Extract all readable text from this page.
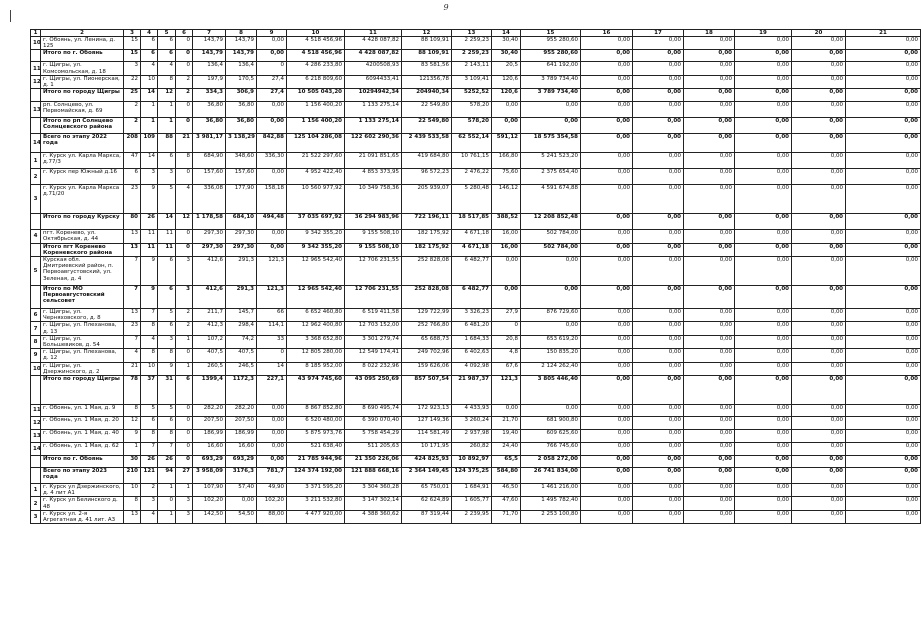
9
1	2	3	4	5	6	7	8	9	10	11	12	13	14	15	16	17	18	19	20	21
10	г. Обоянь, ул. Ленина, д. 125	15	6	6	0	143,79	143,79	0,00	4 518 456,96	4 428 087,82	88 109,91	2 259,23	30,40	955 280,60	0,00	0,00	0,00	0,00	0,00	0,00
	Итого по г. Обоянь	15	6	6	0	143,79	143,79	0,00	4 518 456,96	4 428 087,82	88 109,91	2 259,23	30,40	955 280,60	0,00	0,00	0,00	0,00	0,00	0,00
11	г. Щигры, ул. Комсомольская, д. 18	3	4	4	0	136,4	136,4	0	4 286 233,80	4200508,93	83 581,56	2 143,11	20,5	641 192,00	0,00	0,00	0,00	0,00	0,00	0,00
12	г. Щигры, ул. Пионерская, д. 1	22	10	8	2	197,9	170,5	27,4	6 218 809,60	6094433,41	121356,78	3 109,41	120,6	3 789 734,40	0,00	0,00	0,00	0,00	0,00	0,00
	Итого по городу Щигры	25	14	12	2	334,3	306,9	27,4	10 505 043,20	10294942,34	204940,34	5252,52	120,6	3 789 734,40	0,00	0,00	0,00	0,00	0,00	0,00
13	рп. Солнцево, ул. Первомайская, д. 69	2	1	1	0	36,80	36,80	0,00	1 156 400,20	1 133 275,14	22 549,80	578,20	0,00	0,00	0,00	0,00	0,00	0,00	0,00	0,00
	Итого по рп Солнцево Солнцевского района	2	1	1	0	36,80	36,80	0,00	1 156 400,20	1 133 275,14	22 549,80	578,20	0,00	0,00	0,00	0,00	0,00	0,00	0,00	0,00
14	Всего по этапу 2022 года	208	109	88	21	3 981,17	3 138,29	842,88	125 104 286,08	122 602 290,36	2 439 533,58	62 552,14	591,12	18 575 354,58	0,00	0,00	0,00	0,00	0,00	0,00
1	г. Курск ул. Карла Маркса, д.77/3	47	14	6	8	684,90	348,60	336,30	21 522 297,60	21 091 851,65	419 684,80	10 761,15	166,80	5 241 523,20	0,00	0,00	0,00	0,00	0,00	0,00
2	г. Курск пер Южный д.16	6	3	3	0	157,60	157,60	0,00	4 952 422,40	4 853 373,95	96 572,23	2 476,22	75,60	2 375 654,40	0,00	0,00	0,00	0,00	0,00	0,00
3	г. Курск ул. Карла Маркса д.71/20	23	9	5	4	336,08	177,90	158,18	10 560 977,92	10 349 758,36	205 939,07	5 280,48	146,12	4 591 674,88	0,00	0,00	0,00	0,00	0,00	0,00
	Итого по городу Курску	80	26	14	12	1 178,58	684,10	494,48	37 035 697,92	36 294 983,96	722 196,11	18 517,85	388,52	12 208 852,48	0,00	0,00	0,00	0,00	0,00	0,00
4	пгт. Коренево, ул. Октябрьская, д. 44	13	11	11	0	297,30	297,30	0,00	9 342 355,20	9 155 508,10	182 175,92	4 671,18	16,00	502 784,00	0,00	0,00	0,00	0,00	0,00	0,00
	Итого пгт Коренево Кореневского района	13	11	11	0	297,30	297,30	0,00	9 342 355,20	9 155 508,10	182 175,92	4 671,18	16,00	502 784,00	0,00	0,00	0,00	0,00	0,00	0,00
5	Курская обл. Дмитриевский район, п. Первоавгустовский, ул. Зеленая, д. 4	7	9	6	3	412,6	291,3	121,3	12 965 542,40	12 706 231,55	252 828,08	6 482,77	0,00	0,00	0,00	0,00	0,00	0,00	0,00	0,00
	Итого по МО Первоавгустовский сельсовет	7	9	6	3	412,6	291,3	121,3	12 965 542,40	12 706 231,55	252 828,08	6 482,77	0,00	0,00	0,00	0,00	0,00	0,00	0,00	0,00
6	г. Щигры, ул. Черняховского, д. 8	13	7	5	2	211,7	145,7	66	6 652 460,80	6 519 411,58	129 722,99	3 326,23	27,9	876 729,60	0,00	0,00	0,00	0,00	0,00	0,00
7	г. Щигры, ул. Плеханова, д. 13	23	8	6	2	412,3	298,4	114,1	12 962 400,80	12 703 152,00	252 766,80	6 481,20	0	0,00	0,00	0,00	0,00	0,00	0,00	0,00
8	г. Щигры, ул. Большевиков, д. 54	7	4	3	1	107,2	74,2	33	3 368 652,80	3 301 279,74	65 688,73	1 684,33	20,8	653 619,20	0,00	0,00	0,00	0,00	0,00	0,00
9	г. Щигры, ул. Плеханова, д. 12	4	8	8	0	407,5	407,5	0	12 805 280,00	12 549 174,41	249 702,96	6 402,63	4,8	150 835,20	0,00	0,00	0,00	0,00	0,00	0,00
10	г. Щигры, ул. Дзержинского, д. 2	21	10	9	1	260,5	246,5	14	8 185 952,00	8 022 232,96	159 626,06	4 092,98	67,6	2 124 262,40	0,00	0,00	0,00	0,00	0,00	0,00
	Итого по городу Щигры	78	37	31	6	1399,4	1172,3	227,1	43 974 745,60	43 095 250,69	857 507,54	21 987,37	121,3	3 805 446,40	0,00	0,00	0,00	0,00	0,00	0,00
11	г. Обоянь, ул. 1 Мая, д. 9	8	5	5	0	282,20	282,20	0,00	8 867 852,80	8 690 495,74	172 923,13	4 433,93	0,00	0,00	0,00	0,00	0,00	0,00	0,00	0,00
12	г. Обоянь, ул. 1 Мая, д. 20	12	6	6	0	207,50	207,50	0,00	6 520 480,00	6 390 070,40	127 149,36	3 260,24	21,70	681 900,80	0,00	0,00	0,00	0,00	0,00	0,00
13	г. Обоянь, ул. 1 Мая, д. 40	9	8	8	0	186,99	186,99	0,00	5 875 973,76	5 758 454,29	114 581,49	2 937,98	19,40	609 625,60	0,00	0,00	0,00	0,00	0,00	0,00
14	г. Обоянь, ул. 1 Мая, д. 62	1	7	7	0	16,60	16,60	0,00	521 638,40	511 205,63	10 171,95	260,82	24,40	766 745,60	0,00	0,00	0,00	0,00	0,00	0,00
	Итого по г. Обоянь	30	26	26	0	693,29	693,29	0,00	21 785 944,96	21 350 226,06	424 825,93	10 892,97	65,5	2 058 272,00	0,00	0,00	0,00	0,00	0,00	0,00
	Всего по этапу 2023 года	210	121	94	27	3 958,09	3176,3	781,7	124 374 192,00	121 888 668,16	2 364 149,45	124 375,25	584,80	26 741 834,00	0,00	0,00	0,00	0,00	0,00	0,00
1	г. Курск ул Дзержинского, д. 4 лит А1	10	2	1	1	107,90	57,40	49,90	3 371 595,20	3 304 360,28	65 750,01	1 684,91	46,50	1 461 216,00	0,00	0,00	0,00	0,00	0,00	0,00
2	г. Курск ул Белинского д. 48	8	3	0	3	102,20	0,00	102,20	3 211 532,80	3 147 302,14	62 624,89	1 605,77	47,60	1 495 782,40	0,00	0,00	0,00	0,00	0,00	0,00
3	г. Курск ул. 2-я Агрегатная д. 41 лит. А3	13	4	1	3	142,50	54,50	88,00	4 477 920,00	4 388 360,62	87 319,44	2 239,95	71,70	2 253 100,80	0,00	0,00	0,00	0,00	0,00	0,00
